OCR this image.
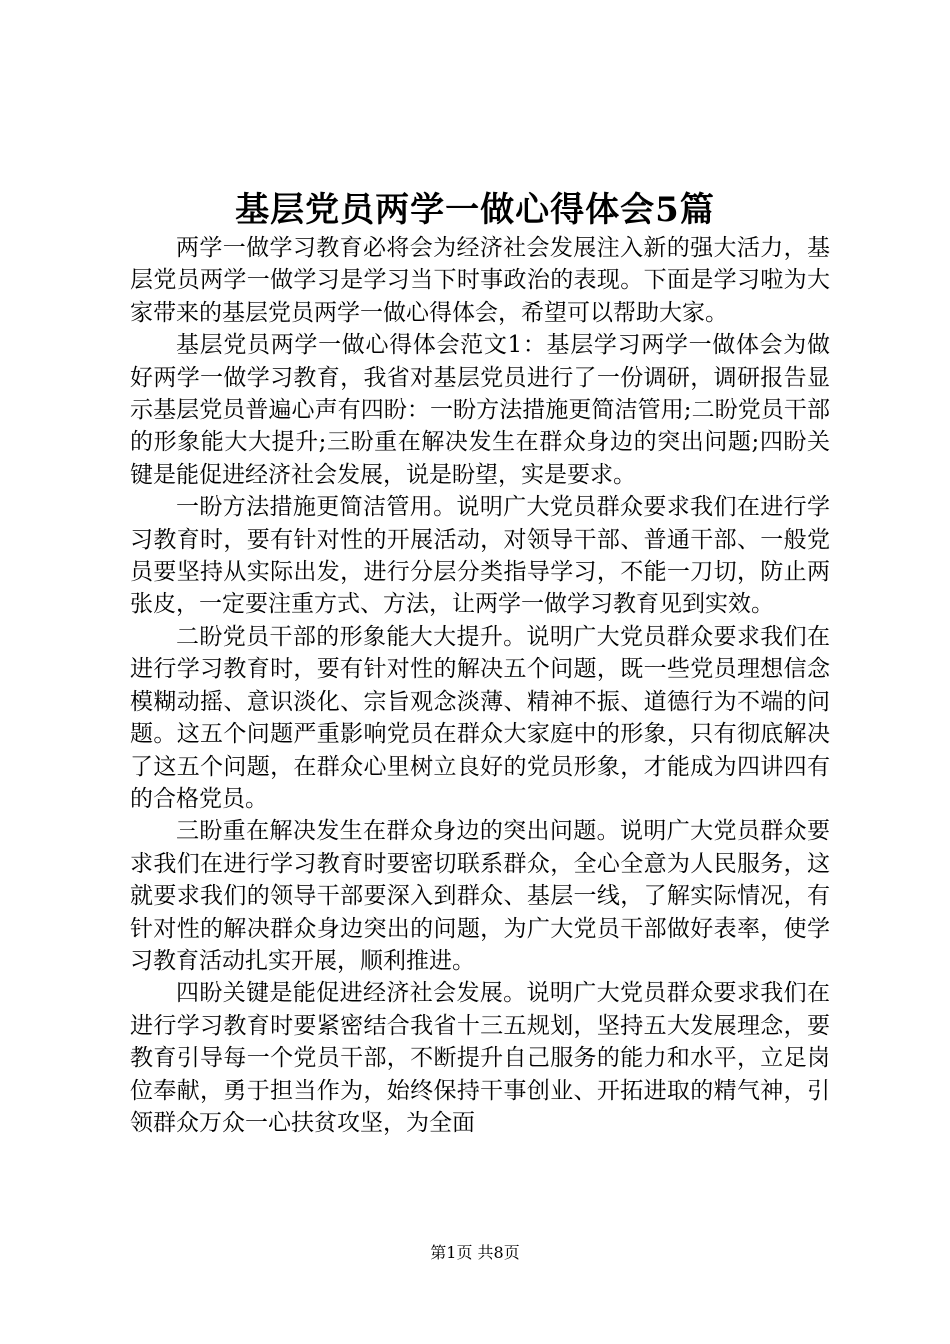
基层党员两学一做心得体会5篇

两学一做学习教育必将会为经济社会发展注入新的强大活力，基层党员两学一做学习是学习当下时事政治的表现。下面是学习啦为大家带来的基层党员两学一做心得体会，希望可以帮助大家。

基层党员两学一做心得体会范文1：基层学习两学一做体会为做好两学一做学习教育，我省对基层党员进行了一份调研，调研报告显示基层党员普遍心声有四盼：一盼方法措施更简洁管用;二盼党员干部的形象能大大提升;三盼重在解决发生在群众身边的突出问题;四盼关键是能促进经济社会发展，说是盼望，实是要求。

一盼方法措施更简洁管用。说明广大党员群众要求我们在进行学习教育时，要有针对性的开展活动，对领导干部、普通干部、一般党员要坚持从实际出发，进行分层分类指导学习，不能一刀切，防止两张皮，一定要注重方式、方法，让两学一做学习教育见到实效。

二盼党员干部的形象能大大提升。说明广大党员群众要求我们在进行学习教育时，要有针对性的解决五个问题，既一些党员理想信念模糊动摇、意识淡化、宗旨观念淡薄、精神不振、道德行为不端的问题。这五个问题严重影响党员在群众大家庭中的形象，只有彻底解决了这五个问题，在群众心里树立良好的党员形象，才能成为四讲四有的合格党员。

三盼重在解决发生在群众身边的突出问题。说明广大党员群众要求我们在进行学习教育时要密切联系群众，全心全意为人民服务，这就要求我们的领导干部要深入到群众、基层一线，了解实际情况，有针对性的解决群众身边突出的问题，为广大党员干部做好表率，使学习教育活动扎实开展，顺利推进。

四盼关键是能促进经济社会发展。说明广大党员群众要求我们在进行学习教育时要紧密结合我省十三五规划，坚持五大发展理念，要教育引导每一个党员干部，不断提升自己服务的能力和水平，立足岗位奉献，勇于担当作为，始终保持干事创业、开拓进取的精气神，引领群众万众一心扶贫攻坚，为全面

第1页 共8页
